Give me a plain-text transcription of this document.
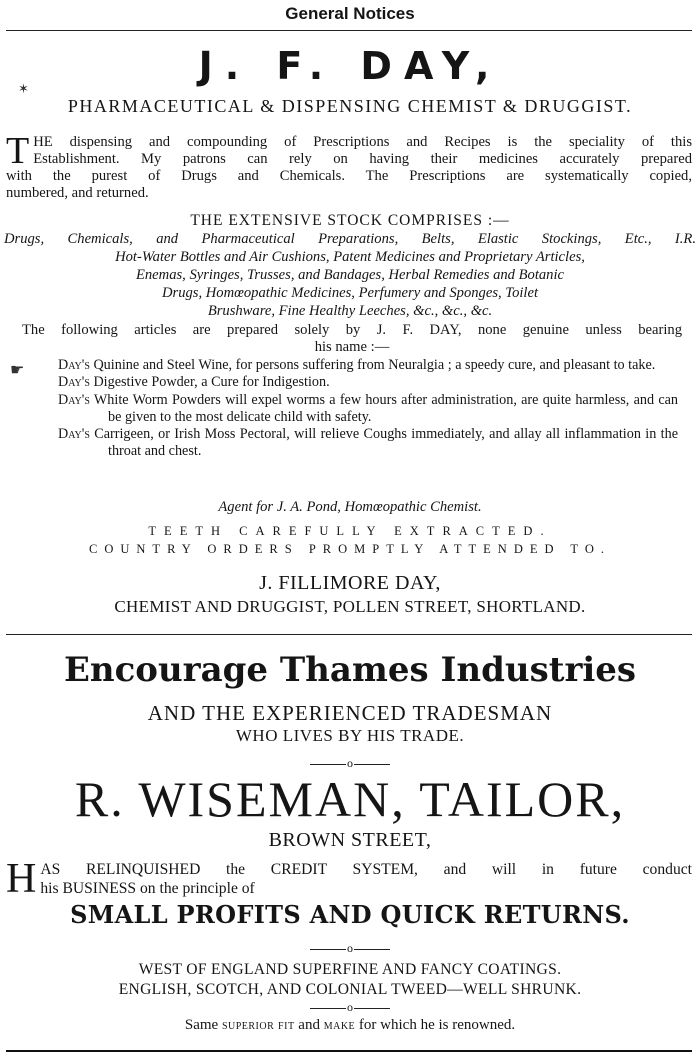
General Notices
J. F. DAY,
✶
PHARMACEUTICAL & DISPENSING CHEMIST & DRUGGIST.
T HE dispensing and compounding of Prescriptions and Recipes is the speciality of this

Establishment. My patrons can rely on having their medicines accurately prepared

with the purest of Drugs and Chemicals. The Prescriptions are systematically copied,

numbered, and returned.

THE EXTENSIVE STOCK COMPRISES :—
Drugs, Chemicals, and Pharmaceutical Preparations, Belts, Elastic Stockings, Etc., I.R.
Hot-Water Bottles and Air Cushions, Patent Medicines and Proprietary Articles,
Enemas, Syringes, Trusses, and Bandages, Herbal Remedies and Botanic
Drugs, Homœopathic Medicines, Perfumery and Sponges, Toilet
Brushware, Fine Healthy Leeches, &c., &c., &c.
The following articles are prepared solely by J. F. DAY, none genuine unless bearing
his name :—
☛ Day's Quinine and Steel Wine, for persons suffering from Neuralgia ; a speedy cure, and pleasant to take.

Day's Digestive Powder, a Cure for Indigestion.

Day's White Worm Powders will expel worms a few hours after administration, are quite harmless, and can be given to the most delicate child with safety.

Day's Carrigeen, or Irish Moss Pectoral, will relieve Coughs immediately, and allay all inflammation in the throat and chest.

Agent for J. A. Pond, Homœopathic Chemist.
TEETH CAREFULLY EXTRACTED.
COUNTRY ORDERS PROMPTLY ATTENDED TO.
J. FILLIMORE DAY,
CHEMIST AND DRUGGIST, POLLEN STREET, SHORTLAND.
Encourage Thames Industries
AND THE EXPERIENCED TRADESMAN
WHO LIVES BY HIS TRADE.
o
R. WISEMAN, TAILOR,
BROWN STREET,
H AS RELINQUISHED the CREDIT SYSTEM, and will in future conduct
his BUSINESS on the principle of
SMALL PROFITS AND QUICK RETURNS.
o
WEST OF ENGLAND SUPERFINE AND FANCY COATINGS.
ENGLISH, SCOTCH, AND COLONIAL TWEED—WELL SHRUNK.
o
Same superior fit and make for which he is renowned.
